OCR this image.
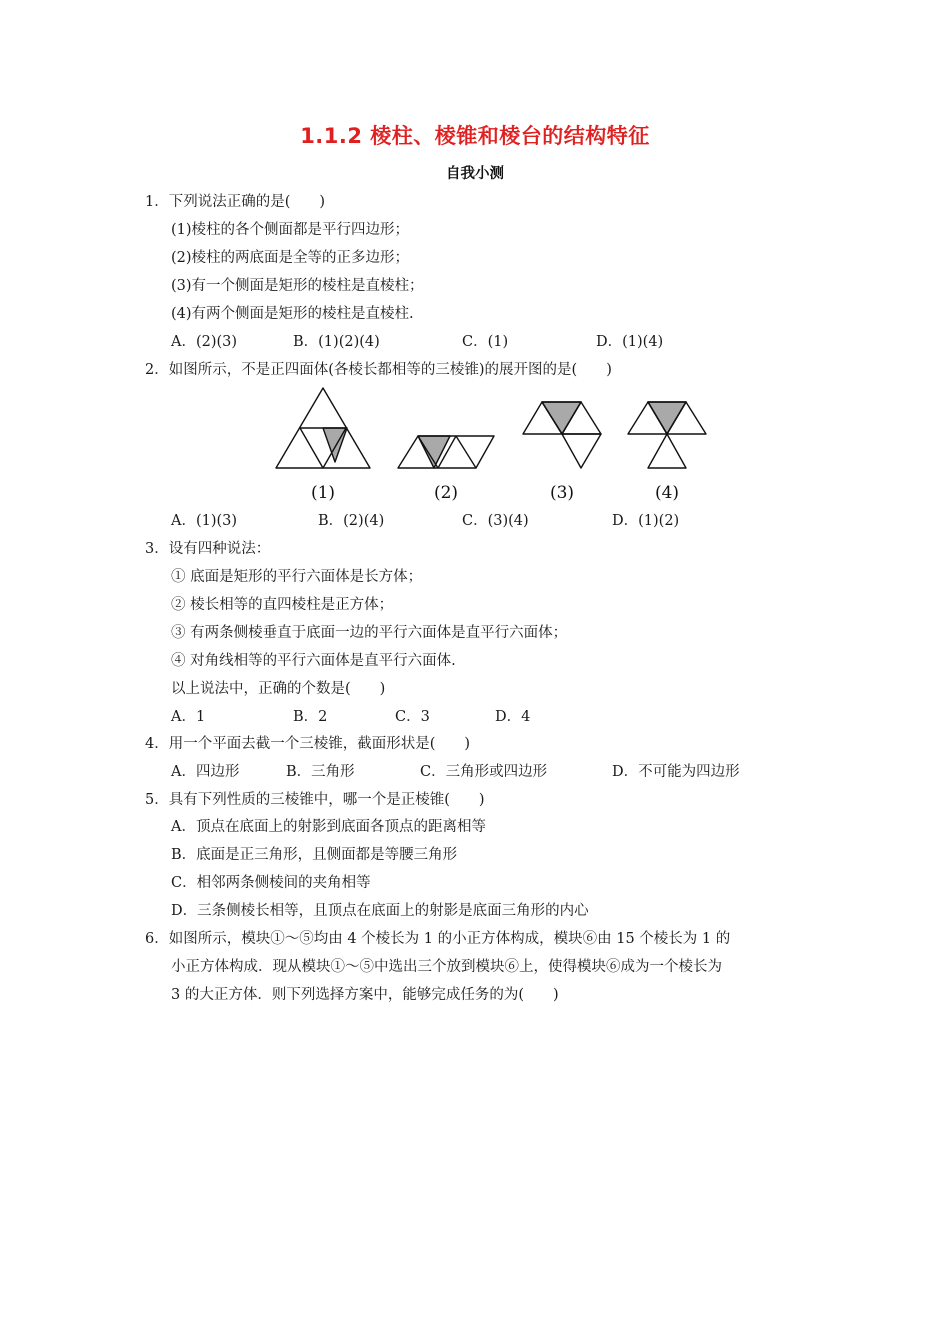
1.1.2 棱柱、棱锥和棱台的结构特征
自我小测
1．下列说法正确的是(　　)
(1)棱柱的各个侧面都是平行四边形；
(2)棱柱的两底面是全等的正多边形；
(3)有一个侧面是矩形的棱柱是直棱柱；
(4)有两个侧面是矩形的棱柱是直棱柱.
A．(2)(3)	B．(1)(2)(4)	C．(1)	D．(1)(4)
2．如图所示，不是正四面体(各棱长都相等的三棱锥)的展开图的是(　　)
(1)	(2)	(3)	(4)
A．(1)(3)	B．(2)(4)	C．(3)(4)	D．(1)(2)
3．设有四种说法：
① 底面是矩形的平行六面体是长方体；
② 棱长相等的直四棱柱是正方体；
③ 有两条侧棱垂直于底面一边的平行六面体是直平行六面体；
④ 对角线相等的平行六面体是直平行六面体.
以上说法中，正确的个数是(　　)
A．1	B．2	C．3	D．4
4．用一个平面去截一个三棱锥，截面形状是(　　)
A．四边形	B．三角形	C．三角形或四边形	D．不可能为四边形
5．具有下列性质的三棱锥中，哪一个是正棱锥(　　)
A．顶点在底面上的射影到底面各顶点的距离相等
B．底面是正三角形，且侧面都是等腰三角形
C．相邻两条侧棱间的夹角相等
D．三条侧棱长相等，且顶点在底面上的射影是底面三角形的内心
6．如图所示，模块①～⑤均由 4 个棱长为 1 的小正方体构成，模块⑥由 15 个棱长为 1 的
小正方体构成．现从模块①～⑤中选出三个放到模块⑥上，使得模块⑥成为一个棱长为
3 的大正方体．则下列选择方案中，能够完成任务的为(　　)
